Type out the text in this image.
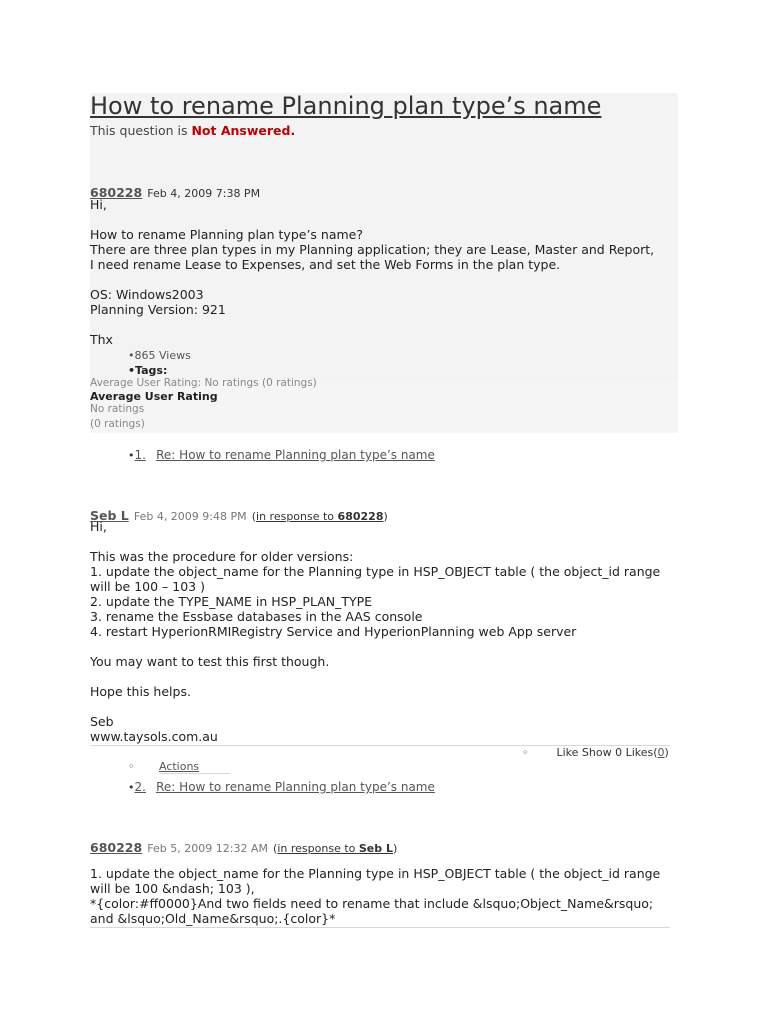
How to rename Planning plan type’s name
This question is Not Answered.
680228 Feb 4, 2009 7:38 PM
Hi,

How to rename Planning plan type’s name?
There are three plan types in my Planning application; they are Lease, Master and Report,
I need rename Lease to Expenses, and set the Web Forms in the plan type.

OS: Windows2003
Planning Version: 921

Thx
•865 Views
•Tags:
Average User Rating: No ratings (0 ratings)
Average User Rating
No ratings
(0 ratings)
•1. Re: How to rename Planning plan type’s name
Seb L Feb 4, 2009 9:48 PM (in response to 680228)
Hi,

This was the procedure for older versions:
1. update the object_name for the Planning type in HSP_OBJECT table ( the object_id range
will be 100 – 103 )
2. update the TYPE_NAME in HSP_PLAN_TYPE
3. rename the Essbase databases in the AAS console
4. restart HyperionRMIRegistry Service and HyperionPlanning web App server

You may want to test this first though.

Hope this helps.

Seb
www.taysols.com.au
◦	Like Show 0 Likes(0)
◦ Actions
•2. Re: How to rename Planning plan type’s name
680228 Feb 5, 2009 12:32 AM (in response to Seb L)
1. update the object_name for the Planning type in HSP_OBJECT table ( the object_id range
will be 100 &ndash; 103 ),
*{color:#ff0000}And two fields need to rename that include &lsquo;Object_Name&rsquo;
and &lsquo;Old_Name&rsquo;.{color}*
